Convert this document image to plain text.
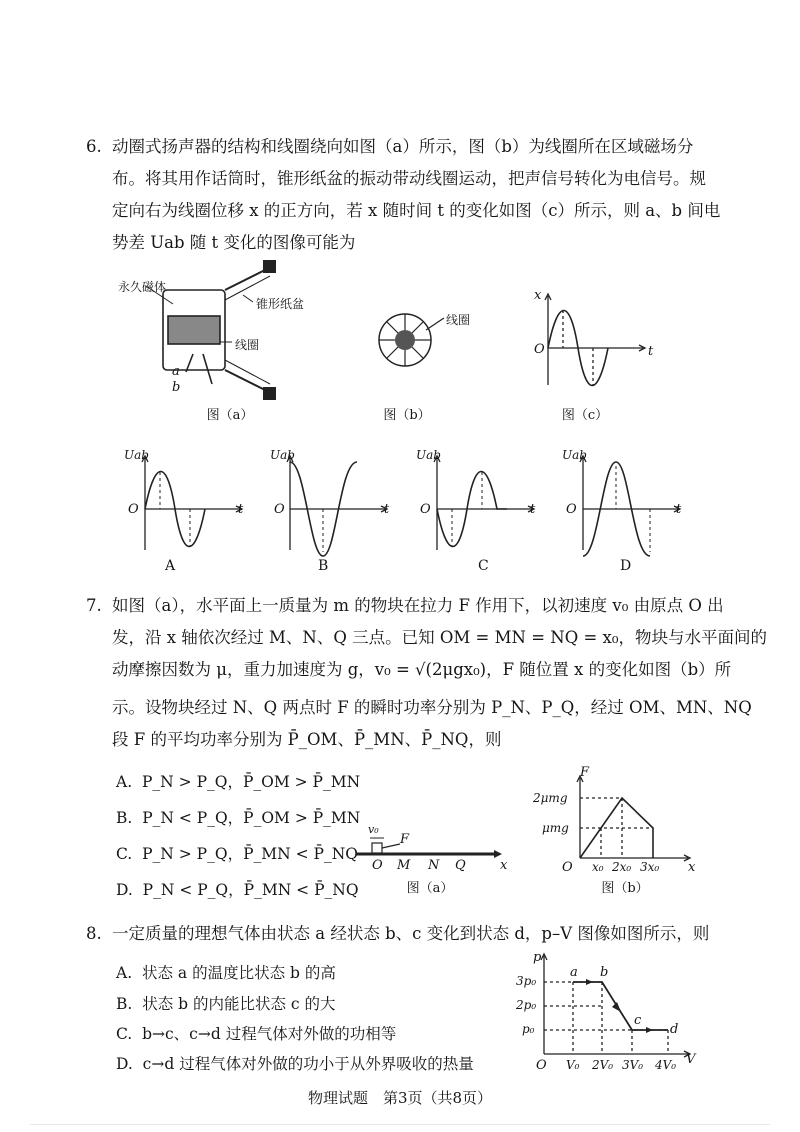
6. 动圈式扬声器的结构和线圈绕向如图（a）所示，图（b）为线圈所在区域磁场分
布。将其用作话筒时，锥形纸盆的振动带动线圈运动，把声信号转化为电信号。规
定向右为线圈位移 x 的正方向，若 x 随时间 t 的变化如图（c）所示，则 a、b 间电
势差 Uab 随 t 变化的图像可能为
永久磁体
锥形纸盆
线圈
a
b
图（a）
线圈
图（b）
x
t
O
图（c）
Uab
O	t
Uab
O	t
Uab
O	t
Uab
O	t
A	B	C	D
7. 如图（a），水平面上一质量为 m 的物块在拉力 F 作用下，以初速度 v₀ 由原点 O 出
发，沿 x 轴依次经过 M、N、Q 三点。已知 OM = MN = NQ = x₀，物块与水平面间的
动摩擦因数为 μ，重力加速度为 g，v₀ = √(2μgx₀)，F 随位置 x 的变化如图（b）所
示。设物块经过 N、Q 两点时 F 的瞬时功率分别为 P_N、P_Q，经过 OM、MN、NQ
段 F 的平均功率分别为 P̄_OM、P̄_MN、P̄_NQ，则
A. P_N > P_Q，P̄_OM > P̄_MN
B. P_N < P_Q，P̄_OM > P̄_MN
C. P_N > P_Q，P̄_MN < P̄_NQ
D. P_N < P_Q，P̄_MN < P̄_NQ
v₀
F
O M N Q	x
图（a）
F
2μmg
μmg
O x₀ 2x₀ 3x₀ x
图（b）
8. 一定质量的理想气体由状态 a 经状态 b、c 变化到状态 d，p–V 图像如图所示，则
A. 状态 a 的温度比状态 b 的高
B. 状态 b 的内能比状态 c 的大
C. b→c、c→d 过程气体对外做的功相等
D. c→d 过程气体对外做的功小于从外界吸收的热量
p
3p₀
2p₀
p₀
O V₀ 2V₀ 3V₀ 4V₀ V
a b
c
d
物理试题　第3页（共8页）
